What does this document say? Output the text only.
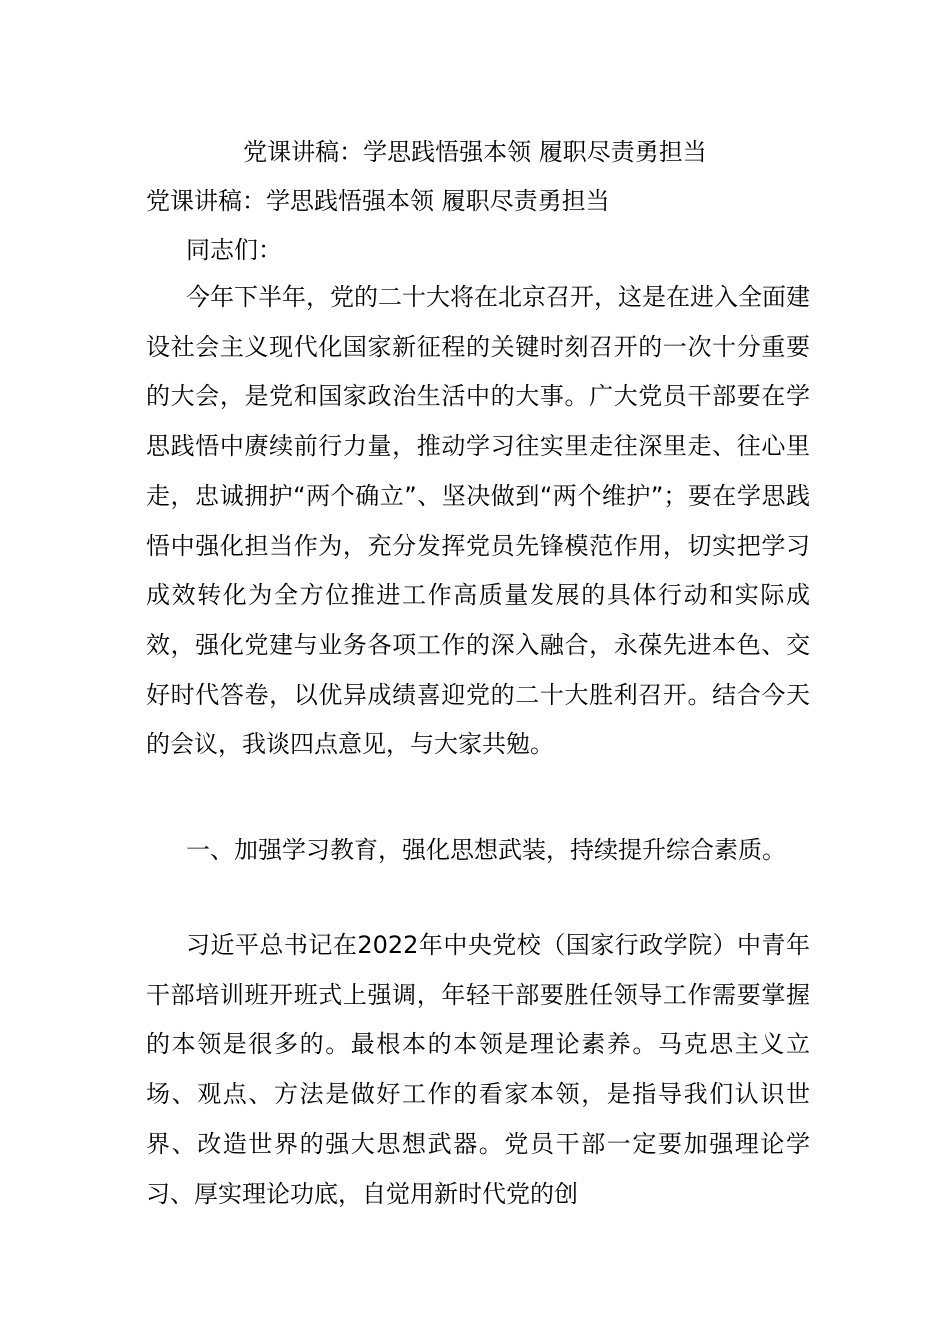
党课讲稿：学思践悟强本领 履职尽责勇担当
党课讲稿：学思践悟强本领 履职尽责勇担当
同志们：
今年下半年，党的二十大将在北京召开，这是在进入全面建设社会主义现代化国家新征程的关键时刻召开的一次十分重要的大会，是党和国家政治生活中的大事。广大党员干部要在学思践悟中赓续前行力量，推动学习往实里走往深里走、往心里走，忠诚拥护“两个确立”、坚决做到“两个维护”；要在学思践悟中强化担当作为，充分发挥党员先锋模范作用，切实把学习成效转化为全方位推进工作高质量发展的具体行动和实际成效，强化党建与业务各项工作的深入融合，永葆先进本色、交好时代答卷，以优异成绩喜迎党的二十大胜利召开。结合今天的会议，我谈四点意见，与大家共勉。
一、加强学习教育，强化思想武装，持续提升综合素质。
习近平总书记在2022年中央党校（国家行政学院）中青年干部培训班开班式上强调，年轻干部要胜任领导工作需要掌握的本领是很多的。最根本的本领是理论素养。马克思主义立场、观点、方法是做好工作的看家本领，是指导我们认识世界、改造世界的强大思想武器。党员干部一定要加强理论学习、厚实理论功底，自觉用新时代党的创
